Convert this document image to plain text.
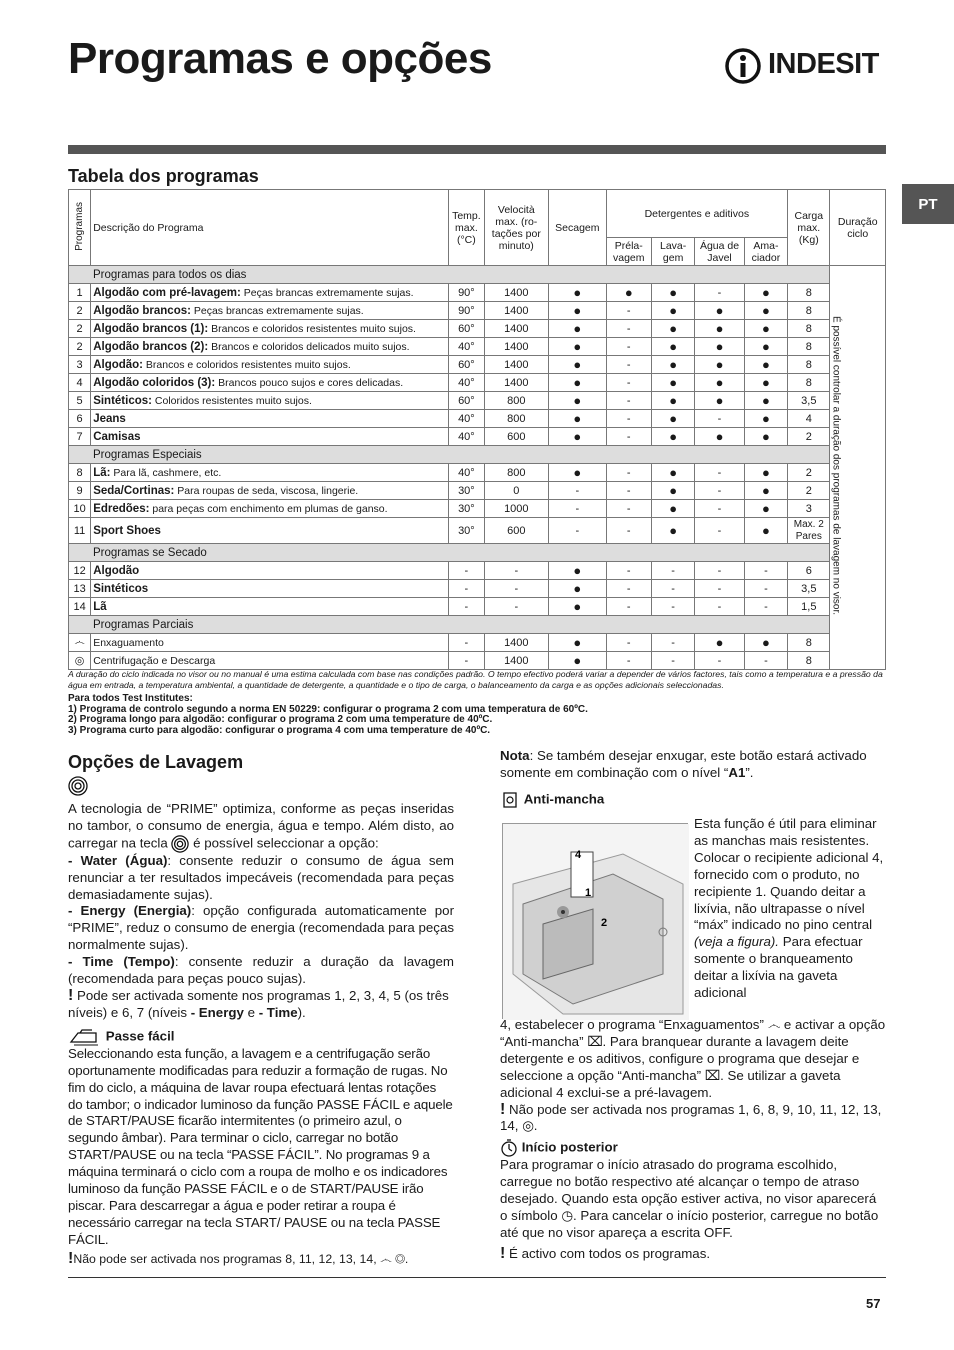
Programas e opções	INDESIT
PT
Tabela dos programas
Programas	Descrição do Programa	Temp. max. (°C)	Velocità max. (ro-tações por minuto)	Secagem	Detergentes e aditivos				Carga max. (Kg)	Duração ciclo
					Préla-vagem	Lava-gem	Água de Javel	Ama-ciador		
Programas para todos os dias										É possível controlar a duração dos programas de lavagem no visor.
1	Algodão com pré-lavagem: Peças brancas extremamente sujas.	90°	1400	●	●	●	-	●	8	
2	Algodão brancos: Peças brancas extremamente sujas.	90°	1400	●	-	●	●	●	8	
2	Algodão brancos (1): Brancos e coloridos resistentes muito sujos.	60°	1400	●	-	●	●	●	8	
2	Algodão brancos (2): Brancos e coloridos delicados muito sujos.	40°	1400	●	-	●	●	●	8	
3	Algodão: Brancos e coloridos resistentes muito sujos.	60°	1400	●	-	●	●	●	8	
4	Algodão coloridos (3): Brancos pouco sujos e cores delicadas.	40°	1400	●	-	●	●	●	8	
5	Sintéticos: Coloridos resistentes muito sujos.	60°	800	●	-	●	●	●	3,5	
6	Jeans	40°	800	●	-	●	-	●	4	
7	Camisas	40°	600	●	-	●	●	●	2	
Programas Especiais										
8	Lã: Para lã, cashmere, etc.	40°	800	●	-	●	-	●	2	
9	Seda/Cortinas: Para roupas de seda, viscosa, lingerie.	30°	0	-	-	●	-	●	2	
10	Edredões: para peças com enchimento em plumas de ganso.	30°	1000	-	-	●	-	●	3	
11	Sport Shoes	30°	600	-	-	●	-	●	Max. 2 Pares	
Programas se Secado										
12	Algodão	-	-	●	-	-	-	-	6	
13	Sintéticos	-	-	●	-	-	-	-	3,5	
14	Lã	-	-	●	-	-	-	-	1,5	
Programas Parciais										
෴	Enxaguamento	-	1400	●	-	-	●	●	8	
◎	Centrifugação e Descarga	-	1400	●	-	-	-	-	8	
A duração do ciclo indicada no visor ou no manual é uma estima calculada com base nas condições padrão. O tempo efectivo poderá variar a depender de vários factores, tais como a temperatura e a pressão da água em entrada, a temperatura ambiental, a quantidade de detergente, a quantidade e o tipo de carga, o balanceamento da carga e as opções adicionais seleccionadas.
Para todos Test Institutes:
1) Programa de controlo segundo a norma EN 50229: configurar o programa 2 com uma temperatura de 60ºC.
2) Programa longo para algodão: configurar o programa 2 com uma temperature de 40ºC.
3) Programa curto para algodão: configurar o programa 4 com uma temperature de 40ºC.
Opções de Lavagem

A tecnologia de “PRIME” optimiza, conforme as peças inseridas no tambor, o consumo de energia, água e tempo. Além disto, ao carregar na tecla  é possível seleccionar a opção:

- Water (Água): consente reduzir o consumo de água sem renunciar a ter resultados impecáveis (recomendada para peças demasiadamente sujas).

- Energy (Energia): opção configurada automaticamente por “PRIME”, reduz o consumo de energia (recomendada para peças normalmente sujas).

- Time (Tempo): consente reduzir a duração da lavagem (recomendada para peças pouco sujas).

! Pode ser activada somente nos programas 1, 2, 3, 4, 5 (os três níveis) e 6, 7 (níveis - Energy e - Time).

Passe fácil

Seleccionando esta função, a lavagem e a centrifugação serão oportunamente modificadas para reduzir a formação de rugas. No fim do ciclo, a máquina de lavar roupa efectuará lentas rotações do tambor; o indicador luminoso da função PASSE FÁCIL e aquele de START/PAUSE ficarão intermitentes (o primeiro azul, o segundo âmbar). Para terminar o ciclo, carregar no botão START/PAUSE ou na tecla “PASSE FÁCIL”. No programas 9 a máquina terminará o ciclo com a roupa de molho e os indicadores luminoso da função PASSE FÁCIL e o de START/PAUSE irão piscar. Para descarregar a água e poder retirar a roupa é necessário carregar na tecla START/ PAUSE ou na tecla PASSE FÁCIL.

!Não pode ser activada nos programas 8, 11, 12, 13, 14, ෴ ◎.

Nota: Se também desejar enxugar, este botão estará activado somente em combinação com o nível “A1”.

Anti-mancha

4
1
2

Esta função é útil para eliminar as manchas mais resistentes. Colocar o recipiente adicional 4, fornecido com o produto, no recipiente 1. Quando deitar a lixívia, não ultrapasse o nível “máx” indicado no pino central (veja a figura). Para efectuar somente o branqueamento deitar a lixívia na gaveta adicional

4, estabelecer o programa “Enxaguamentos” ෴ e activar a opção “Anti-mancha” ⌧. Para branquear durante a lavagem deite detergente e os aditivos, configure o programa que desejar e seleccione a opção “Anti-mancha” ⌧. Se utilizar a gaveta adicional 4 exclui-se a pré-lavagem.

! Não pode ser activada nos programas 1, 6, 8, 9, 10, 11, 12, 13, 14, ◎.

Início posterior

Para programar o início atrasado do programa escolhido, carregue no botão respectivo até alcançar o tempo de atraso desejado. Quando esta opção estiver activa, no visor aparecerá o símbolo ◷. Para cancelar o início posterior, carregue no botão até que no visor apareça a escrita OFF.

! É activo com todos os programas.

57
